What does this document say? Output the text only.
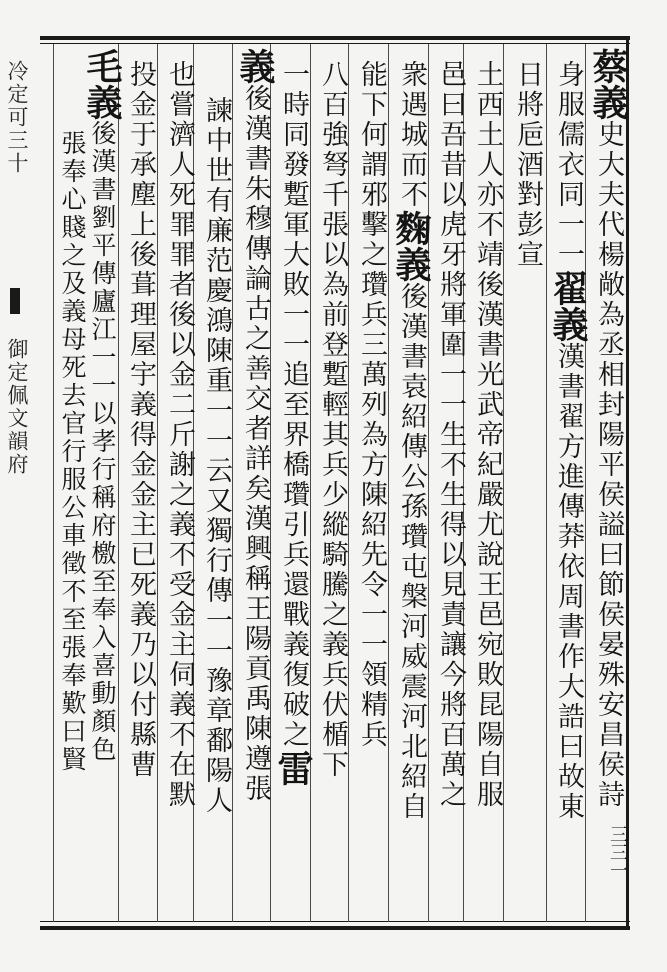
冷定可三十
御定佩文韻府
蔡義史大夫代楊敞為丞相封陽平侯謚曰節侯晏殊安昌侯詩
身服儒衣同一一翟義漢書翟方進傳莽依周書作大誥曰故東
日將巵酒對彭宣
土西土人亦不靖後漢書光武帝紀嚴尤說王邑宛敗昆陽自服
邑曰吾昔以虎牙將軍圍一一生不生得以見責讓今將百萬之
衆遇城而不麴義後漢書袁紹傳公孫瓚屯槃河威震河北紹自
能下何謂邪擊之瓚兵三萬列為方陳紹先令一一領精兵
八百強弩千張以為前登蹔輕其兵少縱騎騰之義兵伏楯下
一時同發蹔軍大敗一一追至界橋瓚引兵還戰義復破之雷
義後漢書朱穆傳論古之善交者詳矣漢興稱王陽貢禹陳遵張
諫中世有廉范慶鴻陳重一一云又獨行傳一一豫章鄱陽人
也嘗濟人死罪罪者後以金二斤謝之義不受金主伺義不在默
投金于承塵上後葺理屋宇義得金金主已死義乃以付縣曹
毛義後漢書劉平傳廬江一一以孝行稱府檄至奉入喜動顏色
三三一
張奉心賤之及義母死去官行服公車徵不至張奉歎曰賢
